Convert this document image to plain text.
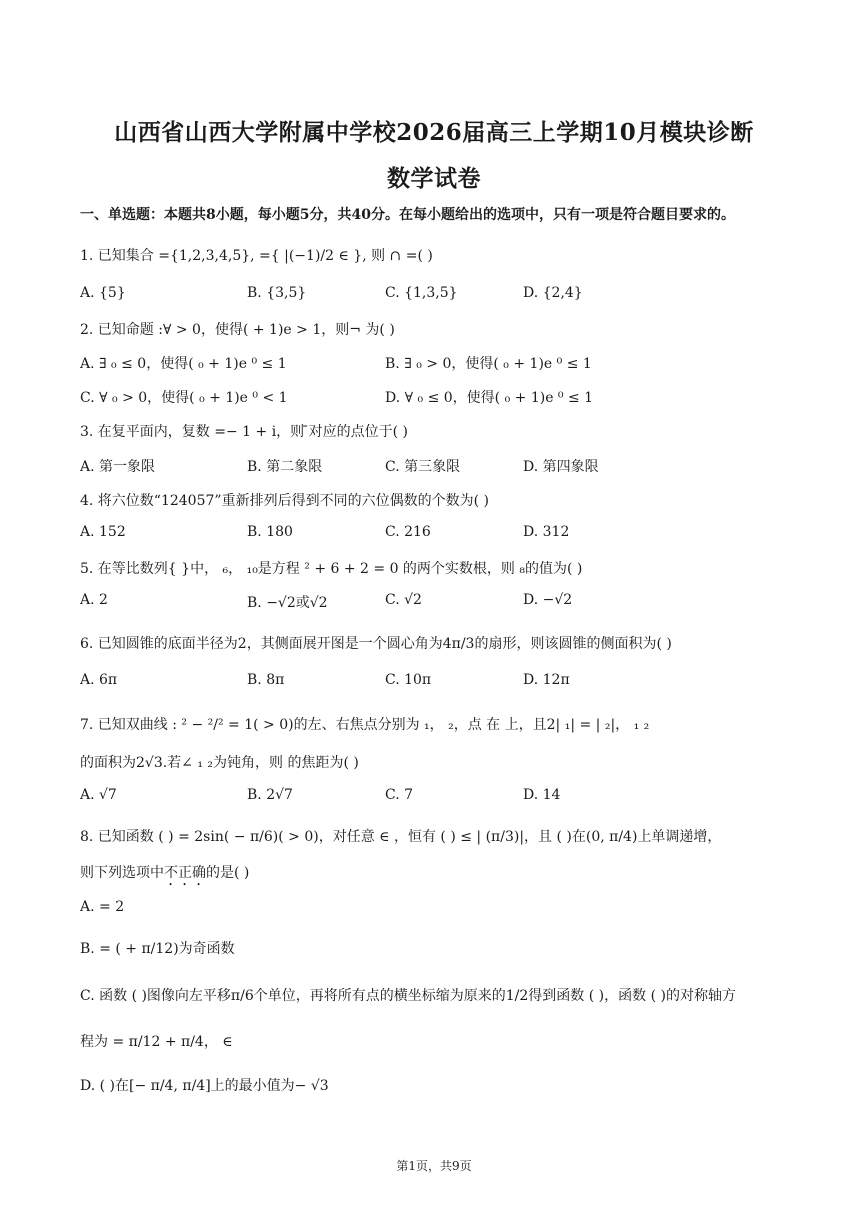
山西省山西大学附属中学校2026届高三上学期10月模块诊断
数学试卷
一、单选题：本题共8小题，每小题5分，共40分。在每小题给出的选项中，只有一项是符合题目要求的。
1. 已知集合 ={1,2,3,4,5}, ={ |(−1)/2 ∈ }, 则 ∩ =( )
A. {5}	B. {3,5}	C. {1,3,5}	D. {2,4}
2. 已知命题 :∀ > 0，使得( + 1)e > 1，则¬ 为( )
A. ∃ ₀ ≤ 0，使得( ₀ + 1)e ⁰ ≤ 1	B. ∃ ₀ > 0，使得( ₀ + 1)e ⁰ ≤ 1
C. ∀ ₀ > 0，使得( ₀ + 1)e ⁰ < 1	D. ∀ ₀ ≤ 0，使得( ₀ + 1)e ⁰ ≤ 1
3. 在复平面内，复数 =− 1 + i，则 ̄对应的点位于( )
A. 第一象限	B. 第二象限	C. 第三象限	D. 第四象限
4. 将六位数“124057”重新排列后得到不同的六位偶数的个数为( )
A. 152	B. 180	C. 216	D. 312
5. 在等比数列{ }中， ₆， ₁₀是方程 ² + 6 + 2 = 0 的两个实数根，则 ₈的值为( )
A. 2	B. −√2或√2	C. √2	D. −√2
6. 已知圆锥的底面半径为2，其侧面展开图是一个圆心角为4π/3的扇形，则该圆锥的侧面积为( )
A. 6π	B. 8π	C. 10π	D. 12π
7. 已知双曲线 : ² − ²/² = 1( > 0)的左、右焦点分别为 ₁， ₂，点 在 上，且2| ₁| = | ₂|， ₁ ₂
的面积为2√3.若∠ ₁ ₂为钝角，则 的焦距为( )
A. √7	B. 2√7	C. 7	D. 14
8. 已知函数 ( ) = 2sin( − π/6)( > 0)，对任意 ∈ ，恒有 ( ) ≤ | (π/3)|，且 ( )在(0, π/4)上单调递增，
则下列选项中不正确的是( )
A. = 2
B. = ( + π/12)为奇函数
C. 函数 ( )图像向左平移π/6个单位，再将所有点的横坐标缩为原来的1/2得到函数 ( )，函数 ( )的对称轴方
程为 = π/12 + π/4， ∈
D. ( )在[− π/4, π/4]上的最小值为− √3
第1页，共9页
